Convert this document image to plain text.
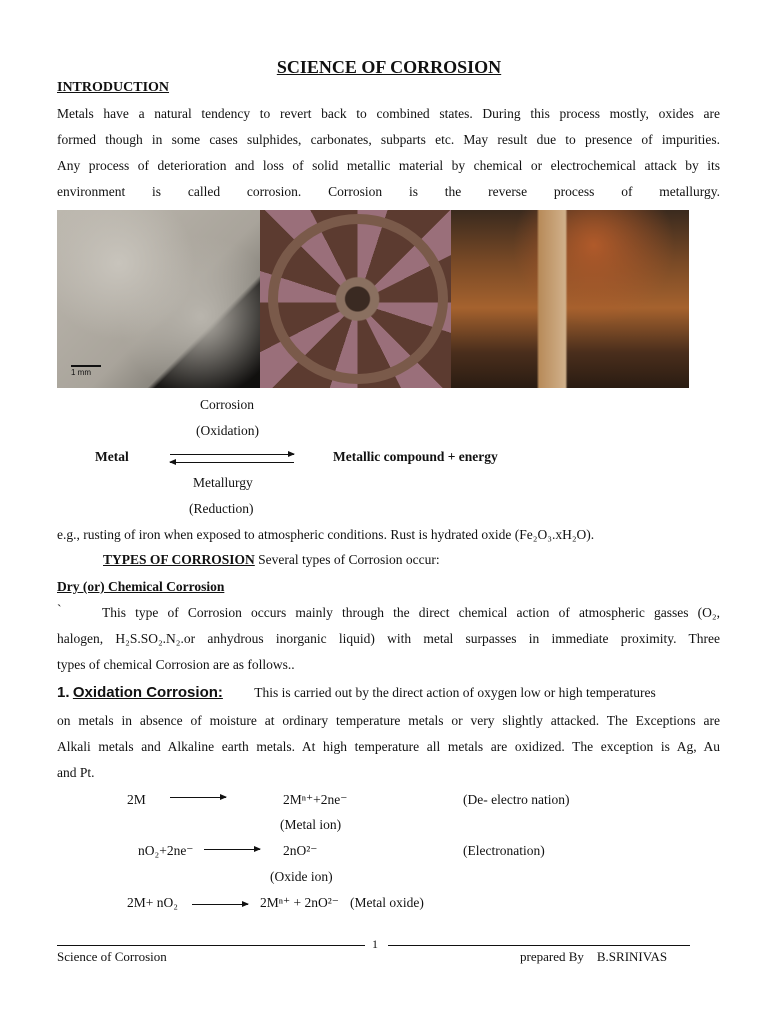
SCIENCE OF CORROSION
INTRODUCTION
Metals have a natural tendency to revert back to combined states. During this process mostly, oxides are
formed though in some cases sulphides, carbonates, subparts etc. May result due to presence of impurities.
Any process of deterioration and loss of solid metallic material by chemical or electrochemical attack by its
environment is called corrosion. Corrosion is the reverse process of metallurgy.
1 mm
Corrosion
(Oxidation)
Metal	Metallic compound + energy
Metallurgy
(Reduction)
e.g., rusting of iron when exposed to atmospheric conditions. Rust is hydrated oxide (Fe₂O₃.xH₂O).
TYPES OF CORROSION Several types of Corrosion occur:
Dry (or) Chemical Corrosion
`	This type of Corrosion occurs mainly through the direct chemical action of atmospheric gasses (O₂,
halogen, H₂S.SO₂.N₂.or anhydrous inorganic liquid) with metal surpasses in immediate proximity. Three
types of chemical Corrosion are as follows..
1. Oxidation Corrosion: This is carried out by the direct action of oxygen low or high temperatures
on metals in absence of moisture at ordinary temperature metals or very slightly attacked. The Exceptions are
Alkali metals and Alkaline earth metals. At high temperature all metals are oxidized. The exception is Ag, Au
and Pt.
2M	2Mⁿ⁺+2ne⁻	(De- electro nation)
(Metal ion)
nO₂+2ne⁻	2nO²⁻	(Electronation)
(Oxide ion)
2M+ nO₂	2Mⁿ⁺ + 2nO²⁻ (Metal oxide)
1
Science of Corrosion	prepared By    B.SRINIVAS
